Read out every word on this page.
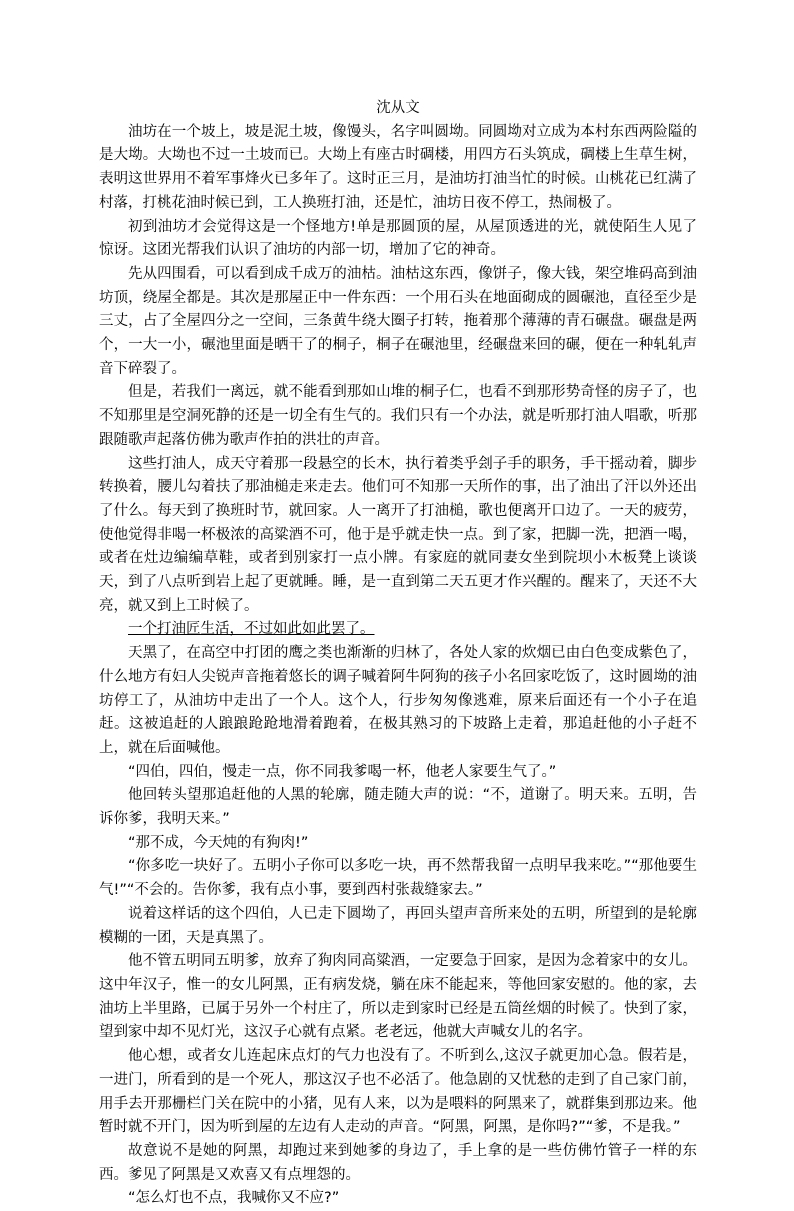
沈从文

油坊在一个坡上，坡是泥土坡，像馒头，名字叫圆坳。同圆坳对立成为本村东西两险隘的是大坳。大坳也不过一土坡而已。大坳上有座古时碉楼，用四方石头筑成，碉楼上生草生树，表明这世界用不着军事烽火已多年了。这时正三月，是油坊打油当忙的时候。山桃花已红满了村落，打桃花油时候已到，工人换班打油，还是忙，油坊日夜不停工，热闹极了。

初到油坊才会觉得这是一个怪地方!单是那圆顶的屋，从屋顶透进的光，就使陌生人见了惊讶。这团光帮我们认识了油坊的内部一切，增加了它的神奇。

先从四围看，可以看到成千成万的油枯。油枯这东西，像饼子，像大钱，架空堆码高到油坊顶，绕屋全都是。其次是那屋正中一件东西：一个用石头在地面砌成的圆碾池，直径至少是三丈，占了全屋四分之一空间，三条黄牛绕大圈子打转，拖着那个薄薄的青石碾盘。碾盘是两个，一大一小，碾池里面是晒干了的桐子，桐子在碾池里，经碾盘来回的碾，便在一种轧轧声音下碎裂了。

但是，若我们一离远，就不能看到那如山堆的桐子仁，也看不到那形势奇怪的房子了，也不知那里是空洞死静的还是一切全有生气的。我们只有一个办法，就是听那打油人唱歌，听那跟随歌声起落仿佛为歌声作拍的洪壮的声音。

这些打油人，成天守着那一段悬空的长木，执行着类乎刽子手的职务，手干摇动着，脚步转换着，腰儿勾着扶了那油槌走来走去。他们可不知那一天所作的事，出了油出了汗以外还出了什么。每天到了换班时节，就回家。人一离开了打油槌，歌也便离开口边了。一天的疲劳，使他觉得非喝一杯极浓的高粱酒不可，他于是乎就走快一点。到了家，把脚一洗，把酒一喝，或者在灶边编编草鞋，或者到别家打一点小牌。有家庭的就同妻女坐到院坝小木板凳上谈谈天，到了八点听到岩上起了更就睡。睡，是一直到第二天五更才作兴醒的。醒来了，天还不大亮，就又到上工时候了。

一个打油匠生活，不过如此如此罢了。

天黑了，在高空中打团的鹰之类也渐渐的归林了，各处人家的炊烟已由白色变成紫色了，什么地方有妇人尖锐声音拖着悠长的调子喊着阿牛阿狗的孩子小名回家吃饭了，这时圆坳的油坊停工了，从油坊中走出了一个人。这个人，行步匆匆像逃难，原来后面还有一个小子在追赶。这被追赶的人踉踉跄跄地滑着跑着，在极其熟习的下坡路上走着，那追赶他的小子赶不上，就在后面喊他。

“四伯，四伯，慢走一点，你不同我爹喝一杯，他老人家要生气了。”

他回转头望那追赶他的人黑的轮廓，随走随大声的说：“不，道谢了。明天来。五明，告诉你爹，我明天来。”

“那不成，今天炖的有狗肉!”

“你多吃一块好了。五明小子你可以多吃一块，再不然帮我留一点明早我来吃。”“那他要生气!”“不会的。告你爹，我有点小事，要到西村张裁缝家去。”

说着这样话的这个四伯，人已走下圆坳了，再回头望声音所来处的五明，所望到的是轮廓模糊的一团，天是真黑了。

他不管五明同五明爹，放弃了狗肉同高粱酒，一定要急于回家，是因为念着家中的女儿。这中年汉子，惟一的女儿阿黑，正有病发烧，躺在床不能起来，等他回家安慰的。他的家，去油坊上半里路，已属于另外一个村庄了，所以走到家时已经是五筒丝烟的时候了。快到了家，望到家中却不见灯光，这汉子心就有点紧。老老远，他就大声喊女儿的名字。

他心想，或者女儿连起床点灯的气力也没有了。不听到么,这汉子就更加心急。假若是，一进门，所看到的是一个死人，那这汉子也不必活了。他急剧的又忧愁的走到了自己家门前，用手去开那栅栏门关在院中的小猪，见有人来，以为是喂料的阿黑来了，就群集到那边来。他暂时就不开门，因为听到屋的左边有人走动的声音。“阿黑，阿黑，是你吗?”“爹，不是我。”

故意说不是她的阿黑，却跑过来到她爹的身边了，手上拿的是一些仿佛竹管子一样的东西。爹见了阿黑是又欢喜又有点埋怨的。

“怎么灯也不点，我喊你又不应?”
